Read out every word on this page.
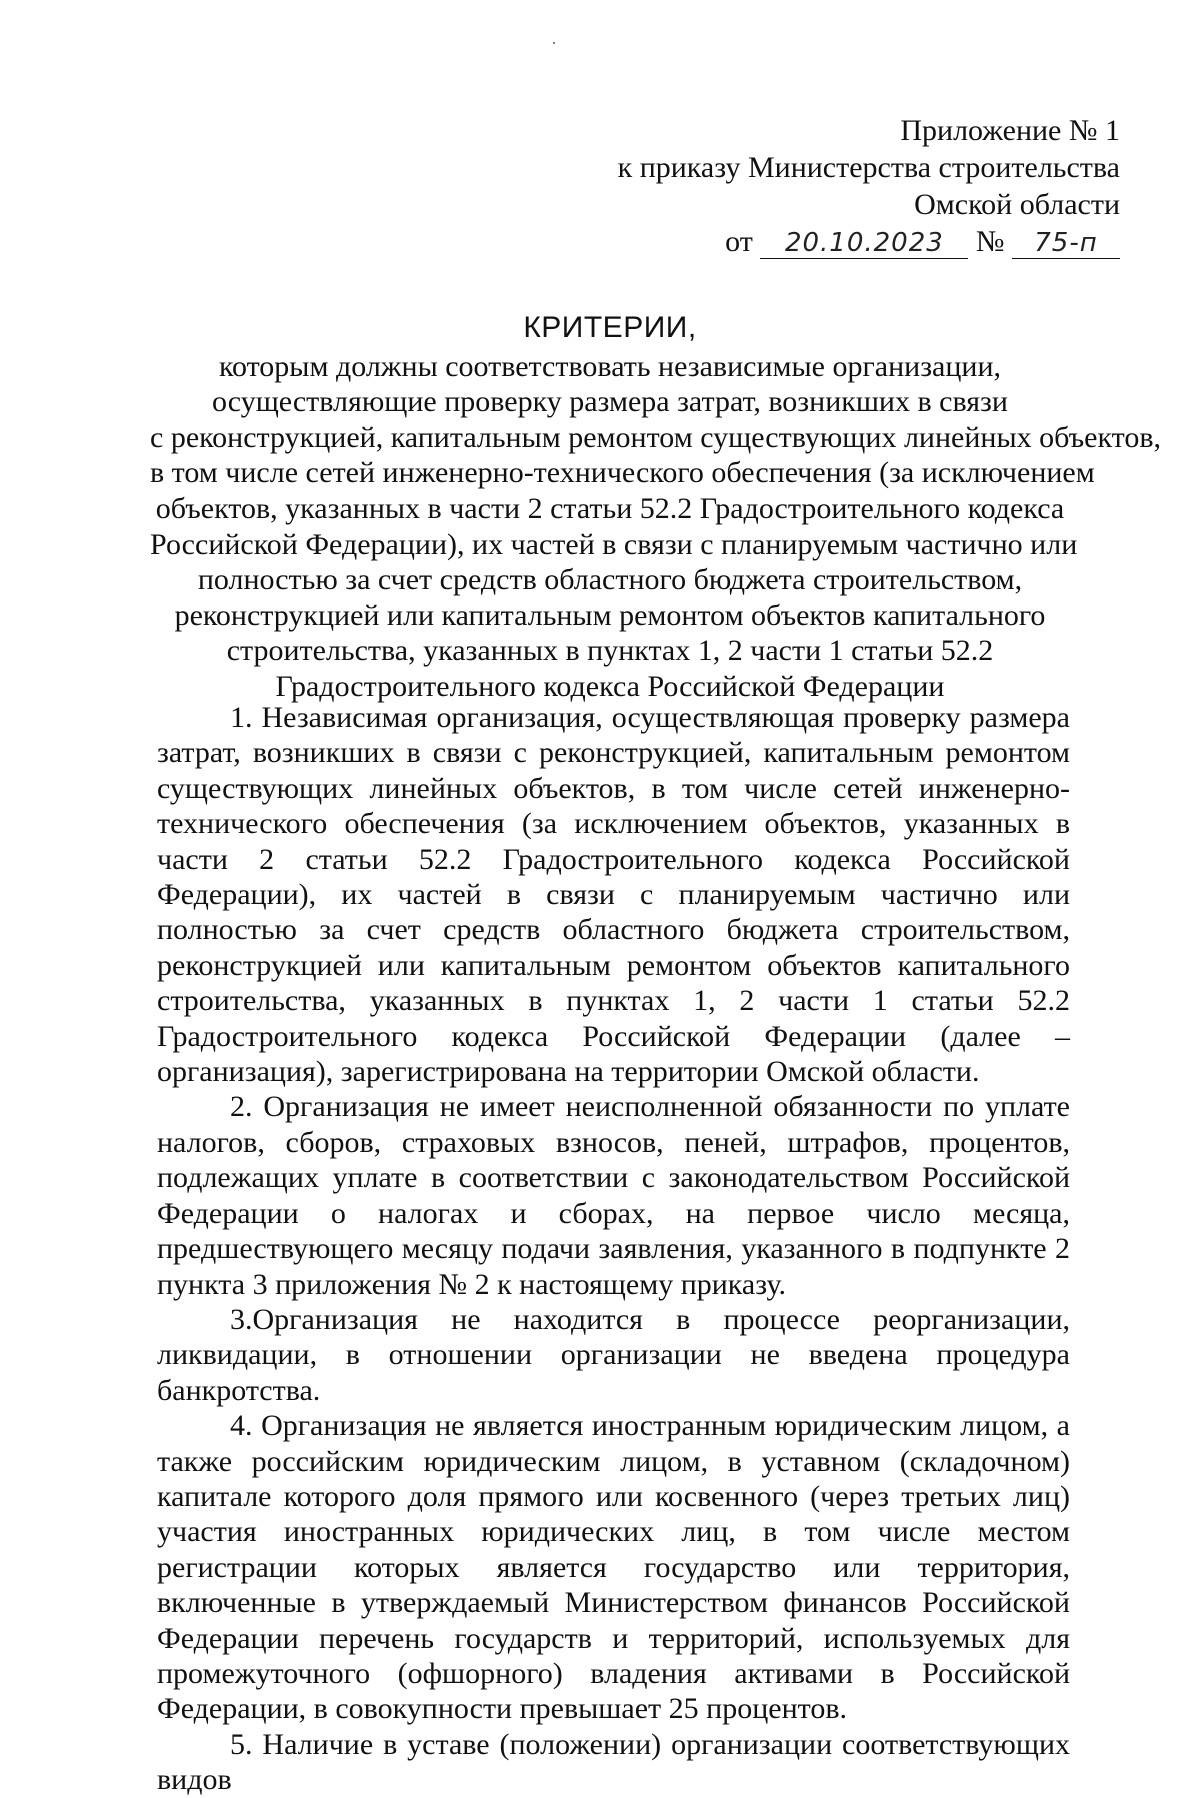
Приложение № 1
к приказу Министерства строительства
Омской области
от 20.10.2023 № 75-п
КРИТЕРИИ,
которым должны соответствовать независимые организации,
осуществляющие проверку размера затрат, возникших в связи
с реконструкцией, капитальным ремонтом существующих линейных объектов,
в том числе сетей инженерно-технического обеспечения (за исключением
объектов, указанных в части 2 статьи 52.2 Градостроительного кодекса
Российской Федерации), их частей в связи с планируемым частично или
полностью за счет средств областного бюджета строительством,
реконструкцией или капитальным ремонтом объектов капитального
строительства, указанных в пунктах 1, 2 части 1 статьи 52.2
Градостроительного кодекса Российской Федерации

1. Независимая организация, осуществляющая проверку размера затрат, возникших в связи с реконструкцией, капитальным ремонтом существующих линейных объектов, в том числе сетей инженерно-технического обеспечения (за исключением объектов, указанных в части 2 статьи 52.2 Градостроительного кодекса Российской Федерации), их частей в связи с планируемым частично или полностью за счет средств областного бюджета строительством, реконструкцией или капитальным ремонтом объектов капитального строительства, указанных в пунктах 1, 2 части 1 статьи 52.2 Градостроительного кодекса Российской Федерации (далее – организация), зарегистрирована на территории Омской области.

2. Организация не имеет неисполненной обязанности по уплате налогов, сборов, страховых взносов, пеней, штрафов, процентов, подлежащих уплате в соответствии с законодательством Российской Федерации о налогах и сборах, на первое число месяца, предшествующего месяцу подачи заявления, указанного в подпункте 2 пункта 3 приложения № 2 к настоящему приказу.

3.Организация не находится в процессе реорганизации, ликвидации, в отношении организации не введена процедура банкротства.

4. Организация не является иностранным юридическим лицом, а также российским юридическим лицом, в уставном (складочном) капитале которого доля прямого или косвенного (через третьих лиц) участия иностранных юридических лиц, в том числе местом регистрации которых является государство или территория, включенные в утверждаемый Министерством финансов Российской Федерации перечень государств и территорий, используемых для промежуточного (офшорного) владения активами в Российской Федерации, в совокупности превышает 25 процентов.

5. Наличие в уставе (положении) организации соответствующих видов
